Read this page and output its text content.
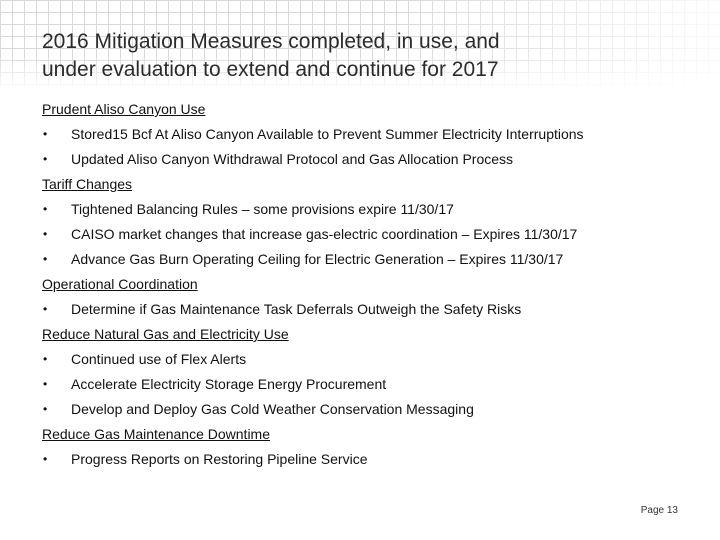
2016 Mitigation Measures completed, in use, and
under evaluation to extend and continue for 2017
Prudent Aliso Canyon Use
• Stored15 Bcf At Aliso Canyon Available to Prevent Summer Electricity Interruptions
• Updated Aliso Canyon Withdrawal Protocol and Gas Allocation Process
Tariff Changes
• Tightened Balancing Rules – some provisions expire 11/30/17
• CAISO market changes that increase gas-electric coordination – Expires 11/30/17
• Advance Gas Burn Operating Ceiling for Electric Generation – Expires 11/30/17
Operational Coordination
• Determine if Gas Maintenance Task Deferrals Outweigh the Safety Risks
Reduce Natural Gas and Electricity Use
• Continued use of Flex Alerts
• Accelerate Electricity Storage Energy Procurement
• Develop and Deploy Gas Cold Weather Conservation Messaging
Reduce Gas Maintenance Downtime
• Progress Reports on Restoring Pipeline Service
Page 13
